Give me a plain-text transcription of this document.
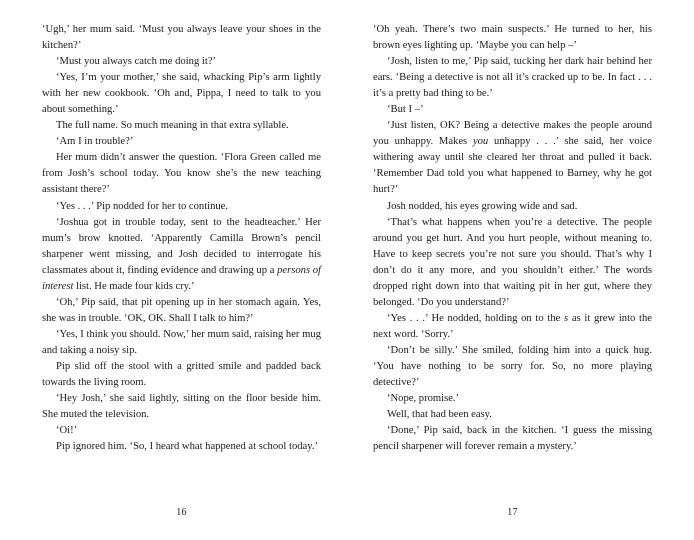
‘Ugh,’ her mum said. ‘Must you always leave your shoes in the kitchen?’

‘Must you always catch me doing it?’

‘Yes, I’m your mother,’ she said, whacking Pip’s arm lightly with her new cookbook. ‘Oh and, Pippa, I need to talk to you about something.’

The full name. So much meaning in that extra syllable.

‘Am I in trouble?’

Her mum didn’t answer the question. ‘Flora Green called me from Josh’s school today. You know she’s the new teaching assistant there?’

‘Yes . . .’ Pip nodded for her to continue.

‘Joshua got in trouble today, sent to the headteacher.’ Her mum’s brow knotted. ‘Apparently Camilla Brown’s pencil sharpener went missing, and Josh decided to interrogate his classmates about it, finding evidence and drawing up a persons of interest list. He made four kids cry.’

‘Oh,’ Pip said, that pit opening up in her stomach again. Yes, she was in trouble. ‘OK, OK. Shall I talk to him?’

‘Yes, I think you should. Now,’ her mum said, raising her mug and taking a noisy sip.

Pip slid off the stool with a gritted smile and padded back towards the living room.

‘Hey Josh,’ she said lightly, sitting on the floor beside him. She muted the television.

‘Oi!’

Pip ignored him. ‘So, I heard what happened at school today.’

16

‘Oh yeah. There’s two main suspects.’ He turned to her, his brown eyes lighting up. ‘Maybe you can help –’

‘Josh, listen to me,’ Pip said, tucking her dark hair behind her ears. ‘Being a detective is not all it’s cracked up to be. In fact . . . it’s a pretty bad thing to be.’

‘But I –’

‘Just listen, OK? Being a detective makes the people around you unhappy. Makes you unhappy . . .’ she said, her voice withering away until she cleared her throat and pulled it back. ‘Remember Dad told you what happened to Barney, why he got hurt?’

Josh nodded, his eyes growing wide and sad.

‘That’s what happens when you’re a detective. The people around you get hurt. And you hurt people, without meaning to. Have to keep secrets you’re not sure you should. That’s why I don’t do it any more, and you shouldn’t either.’ The words dropped right down into that waiting pit in her gut, where they belonged. ‘Do you understand?’

‘Yes . . .’ He nodded, holding on to the s as it grew into the next word. ‘Sorry.’

‘Don’t be silly.’ She smiled, folding him into a quick hug. ‘You have nothing to be sorry for. So, no more playing detective?’

‘Nope, promise.’

Well, that had been easy.

‘Done,’ Pip said, back in the kitchen. ‘I guess the missing pencil sharpener will forever remain a mystery.’

17
